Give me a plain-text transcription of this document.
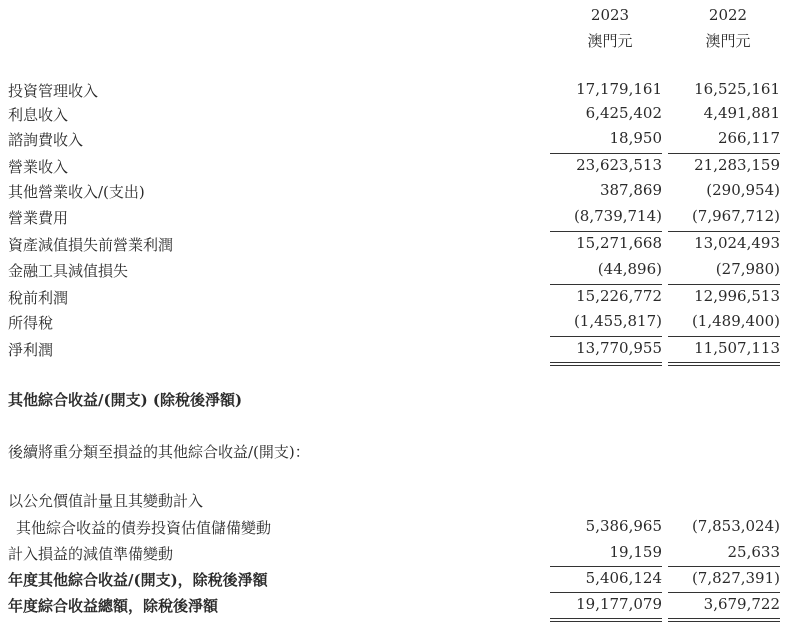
2023
澳門元
2022
澳門元
投資管理收入	17,179,161 16,525,161
利息收入	6,425,402	4,491,881
諮詢費收入	18,950	266,117
營業收入	23,623,513 21,283,159
其他營業收入/(支出)	387,869	(290,954)
營業費用	(8,739,714) (7,967,712)
資產減值損失前營業利潤	15,271,668 13,024,493
金融工具減值損失	(44,896)	(27,980)
稅前利潤	15,226,772 12,996,513
所得稅	(1,455,817) (1,489,400)
淨利潤	13,770,955 11,507,113
其他綜合收益/(開支) (除稅後淨額)
後續將重分類至損益的其他綜合收益/(開支)：
以公允價值計量且其變動計入
其他綜合收益的債券投資估值儲備變動	5,386,965 (7,853,024)
計入損益的減值準備變動	19,159	25,633
年度其他綜合收益/(開支)，除稅後淨額	5,406,124 (7,827,391)
年度綜合收益總額，除稅後淨額	19,177,079	3,679,722
